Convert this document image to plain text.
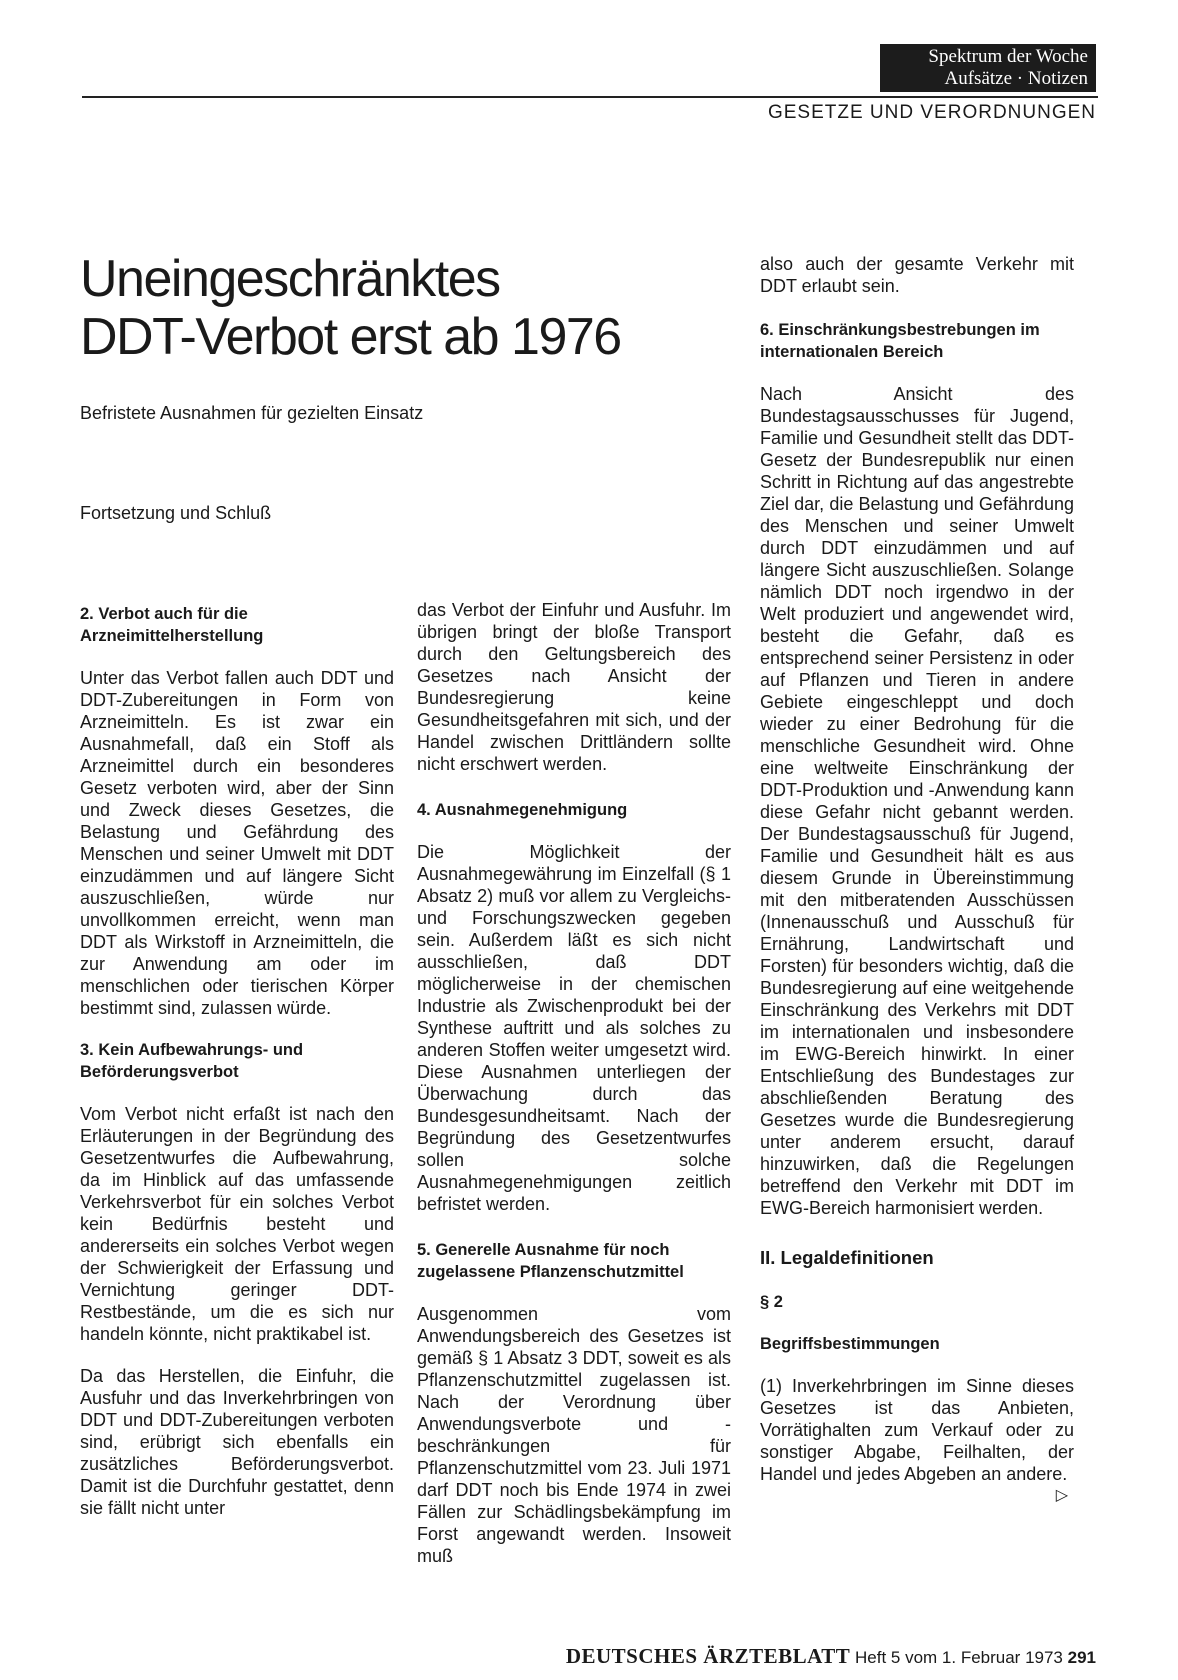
Spektrum der Woche
Aufsätze · Notizen
GESETZE UND VERORDNUNGEN
Uneingeschränktes
DDT-Verbot erst ab 1976
Befristete Ausnahmen für gezielten Einsatz
Fortsetzung und Schluß
2. Verbot auch für die Arzneimittelherstellung

Unter das Verbot fallen auch DDT und DDT-Zubereitungen in Form von Arzneimitteln. Es ist zwar ein Ausnahmefall, daß ein Stoff als Arzneimittel durch ein besonderes Gesetz verboten wird, aber der Sinn und Zweck dieses Gesetzes, die Belastung und Gefährdung des Menschen und seiner Umwelt mit DDT einzudämmen und auf längere Sicht auszuschließen, würde nur unvollkommen erreicht, wenn man DDT als Wirkstoff in Arzneimitteln, die zur Anwendung am oder im menschlichen oder tierischen Körper bestimmt sind, zulassen würde.

3. Kein Aufbewahrungs- und Beförderungsverbot

Vom Verbot nicht erfaßt ist nach den Erläuterungen in der Begründung des Gesetzentwurfes die Aufbewahrung, da im Hinblick auf das umfassende Verkehrsverbot für ein solches Verbot kein Bedürfnis besteht und andererseits ein solches Verbot wegen der Schwierigkeit der Erfassung und Vernichtung geringer DDT-Restbestände, um die es sich nur handeln könnte, nicht praktikabel ist.

Da das Herstellen, die Einfuhr, die Ausfuhr und das Inverkehrbringen von DDT und DDT-Zubereitungen verboten sind, erübrigt sich ebenfalls ein zusätzliches Beförderungsverbot. Damit ist die Durchfuhr gestattet, denn sie fällt nicht unter

das Verbot der Einfuhr und Ausfuhr. Im übrigen bringt der bloße Transport durch den Geltungsbereich des Gesetzes nach Ansicht der Bundesregierung keine Gesundheitsgefahren mit sich, und der Handel zwischen Drittländern sollte nicht erschwert werden.

4. Ausnahmegenehmigung

Die Möglichkeit der Ausnahmegewährung im Einzelfall (§ 1 Absatz 2) muß vor allem zu Vergleichs- und Forschungszwecken gegeben sein. Außerdem läßt es sich nicht ausschließen, daß DDT möglicherweise in der chemischen Industrie als Zwischenprodukt bei der Synthese auftritt und als solches zu anderen Stoffen weiter umgesetzt wird. Diese Ausnahmen unterliegen der Überwachung durch das Bundesgesundheitsamt. Nach der Begründung des Gesetzentwurfes sollen solche Ausnahmegenehmigungen zeitlich befristet werden.

5. Generelle Ausnahme für noch zugelassene Pflanzenschutzmittel

Ausgenommen vom Anwendungsbereich des Gesetzes ist gemäß § 1 Absatz 3 DDT, soweit es als Pflanzenschutzmittel zugelassen ist. Nach der Verordnung über Anwendungsverbote und -beschränkungen für Pflanzenschutzmittel vom 23. Juli 1971 darf DDT noch bis Ende 1974 in zwei Fällen zur Schädlingsbekämpfung im Forst angewandt werden. Insoweit muß

also auch der gesamte Verkehr mit DDT erlaubt sein.

6. Einschränkungsbestrebungen im internationalen Bereich

Nach Ansicht des Bundestagsausschusses für Jugend, Familie und Gesundheit stellt das DDT-Gesetz der Bundesrepublik nur einen Schritt in Richtung auf das angestrebte Ziel dar, die Belastung und Gefährdung des Menschen und seiner Umwelt durch DDT einzudämmen und auf längere Sicht auszuschließen. Solange nämlich DDT noch irgendwo in der Welt produziert und angewendet wird, besteht die Gefahr, daß es entsprechend seiner Persistenz in oder auf Pflanzen und Tieren in andere Gebiete eingeschleppt und doch wieder zu einer Bedrohung für die menschliche Gesundheit wird. Ohne eine weltweite Einschränkung der DDT-Produktion und -Anwendung kann diese Gefahr nicht gebannt werden. Der Bundestagsausschuß für Jugend, Familie und Gesundheit hält es aus diesem Grunde in Übereinstimmung mit den mitberatenden Ausschüssen (Innenausschuß und Ausschuß für Ernährung, Landwirtschaft und Forsten) für besonders wichtig, daß die Bundesregierung auf eine weitgehende Einschränkung des Verkehrs mit DDT im internationalen und insbesondere im EWG-Bereich hinwirkt. In einer Entschließung des Bundestages zur abschließenden Beratung des Gesetzes wurde die Bundesregierung unter anderem ersucht, darauf hinzuwirken, daß die Regelungen betreffend den Verkehr mit DDT im EWG-Bereich harmonisiert werden.

II. Legaldefinitionen
§ 2
Begriffsbestimmungen

(1) Inverkehrbringen im Sinne dieses Gesetzes ist das Anbieten, Vorrätighalten zum Verkauf oder zu sonstiger Abgabe, Feilhalten, der Handel und jedes Abgeben an andere.
▷

DEUTSCHES ÄRZTEBLATT Heft 5 vom 1. Februar 1973 291
